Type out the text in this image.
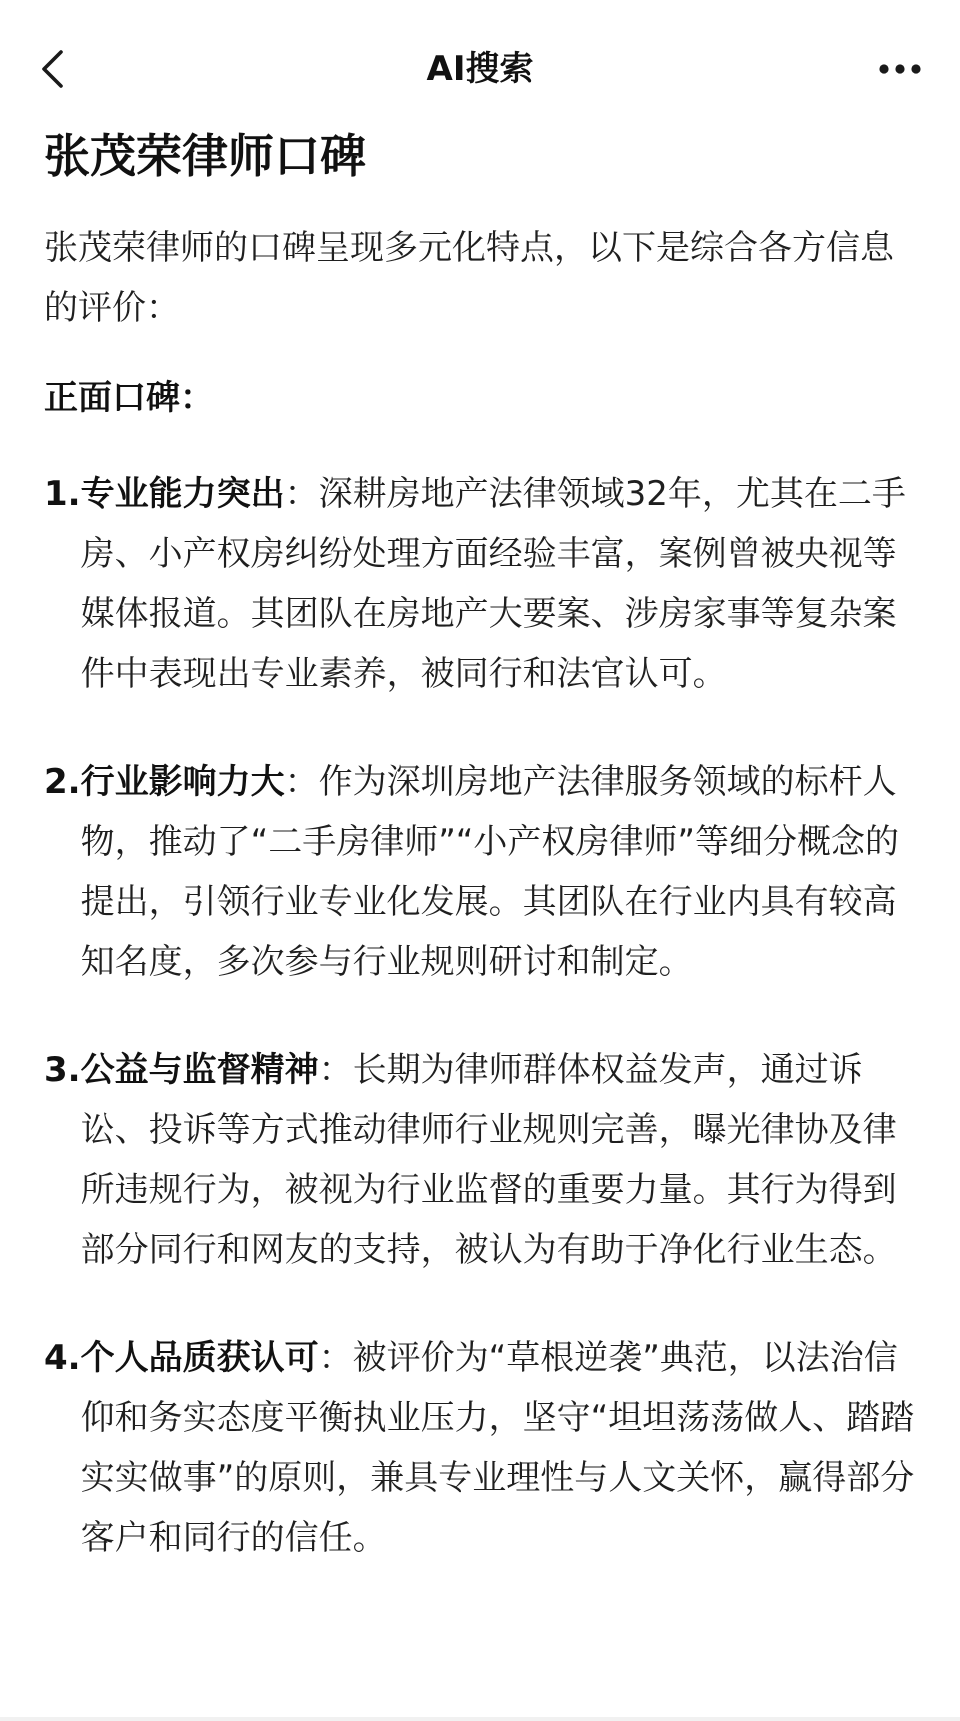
AI搜索
张茂荣律师口碑

张茂荣律师的口碑呈现多元化特点，以下是综合各方信息的评价：

正面口碑：
1. 专业能力突出：深耕房地产法律领域32年，尤其在二手房、小产权房纠纷处理方面经验丰富，案例曾被央视等媒体报道。其团队在房地产大要案、涉房家事等复杂案件中表现出专业素养，被同行和法官认可。
2. 行业影响力大：作为深圳房地产法律服务领域的标杆人物，推动了“二手房律师”“小产权房律师”等细分概念的提出，引领行业专业化发展。其团队在行业内具有较高知名度，多次参与行业规则研讨和制定。
3. 公益与监督精神：长期为律师群体权益发声，通过诉讼、投诉等方式推动律师行业规则完善，曝光律协及律所违规行为，被视为行业监督的重要力量。其行为得到部分同行和网友的支持，被认为有助于净化行业生态。
4. 个人品质获认可：被评价为“草根逆袭”典范，以法治信仰和务实态度平衡执业压力，坚守“坦坦荡荡做人、踏踏实实做事”的原则，兼具专业理性与人文关怀，赢得部分客户和同行的信任。
